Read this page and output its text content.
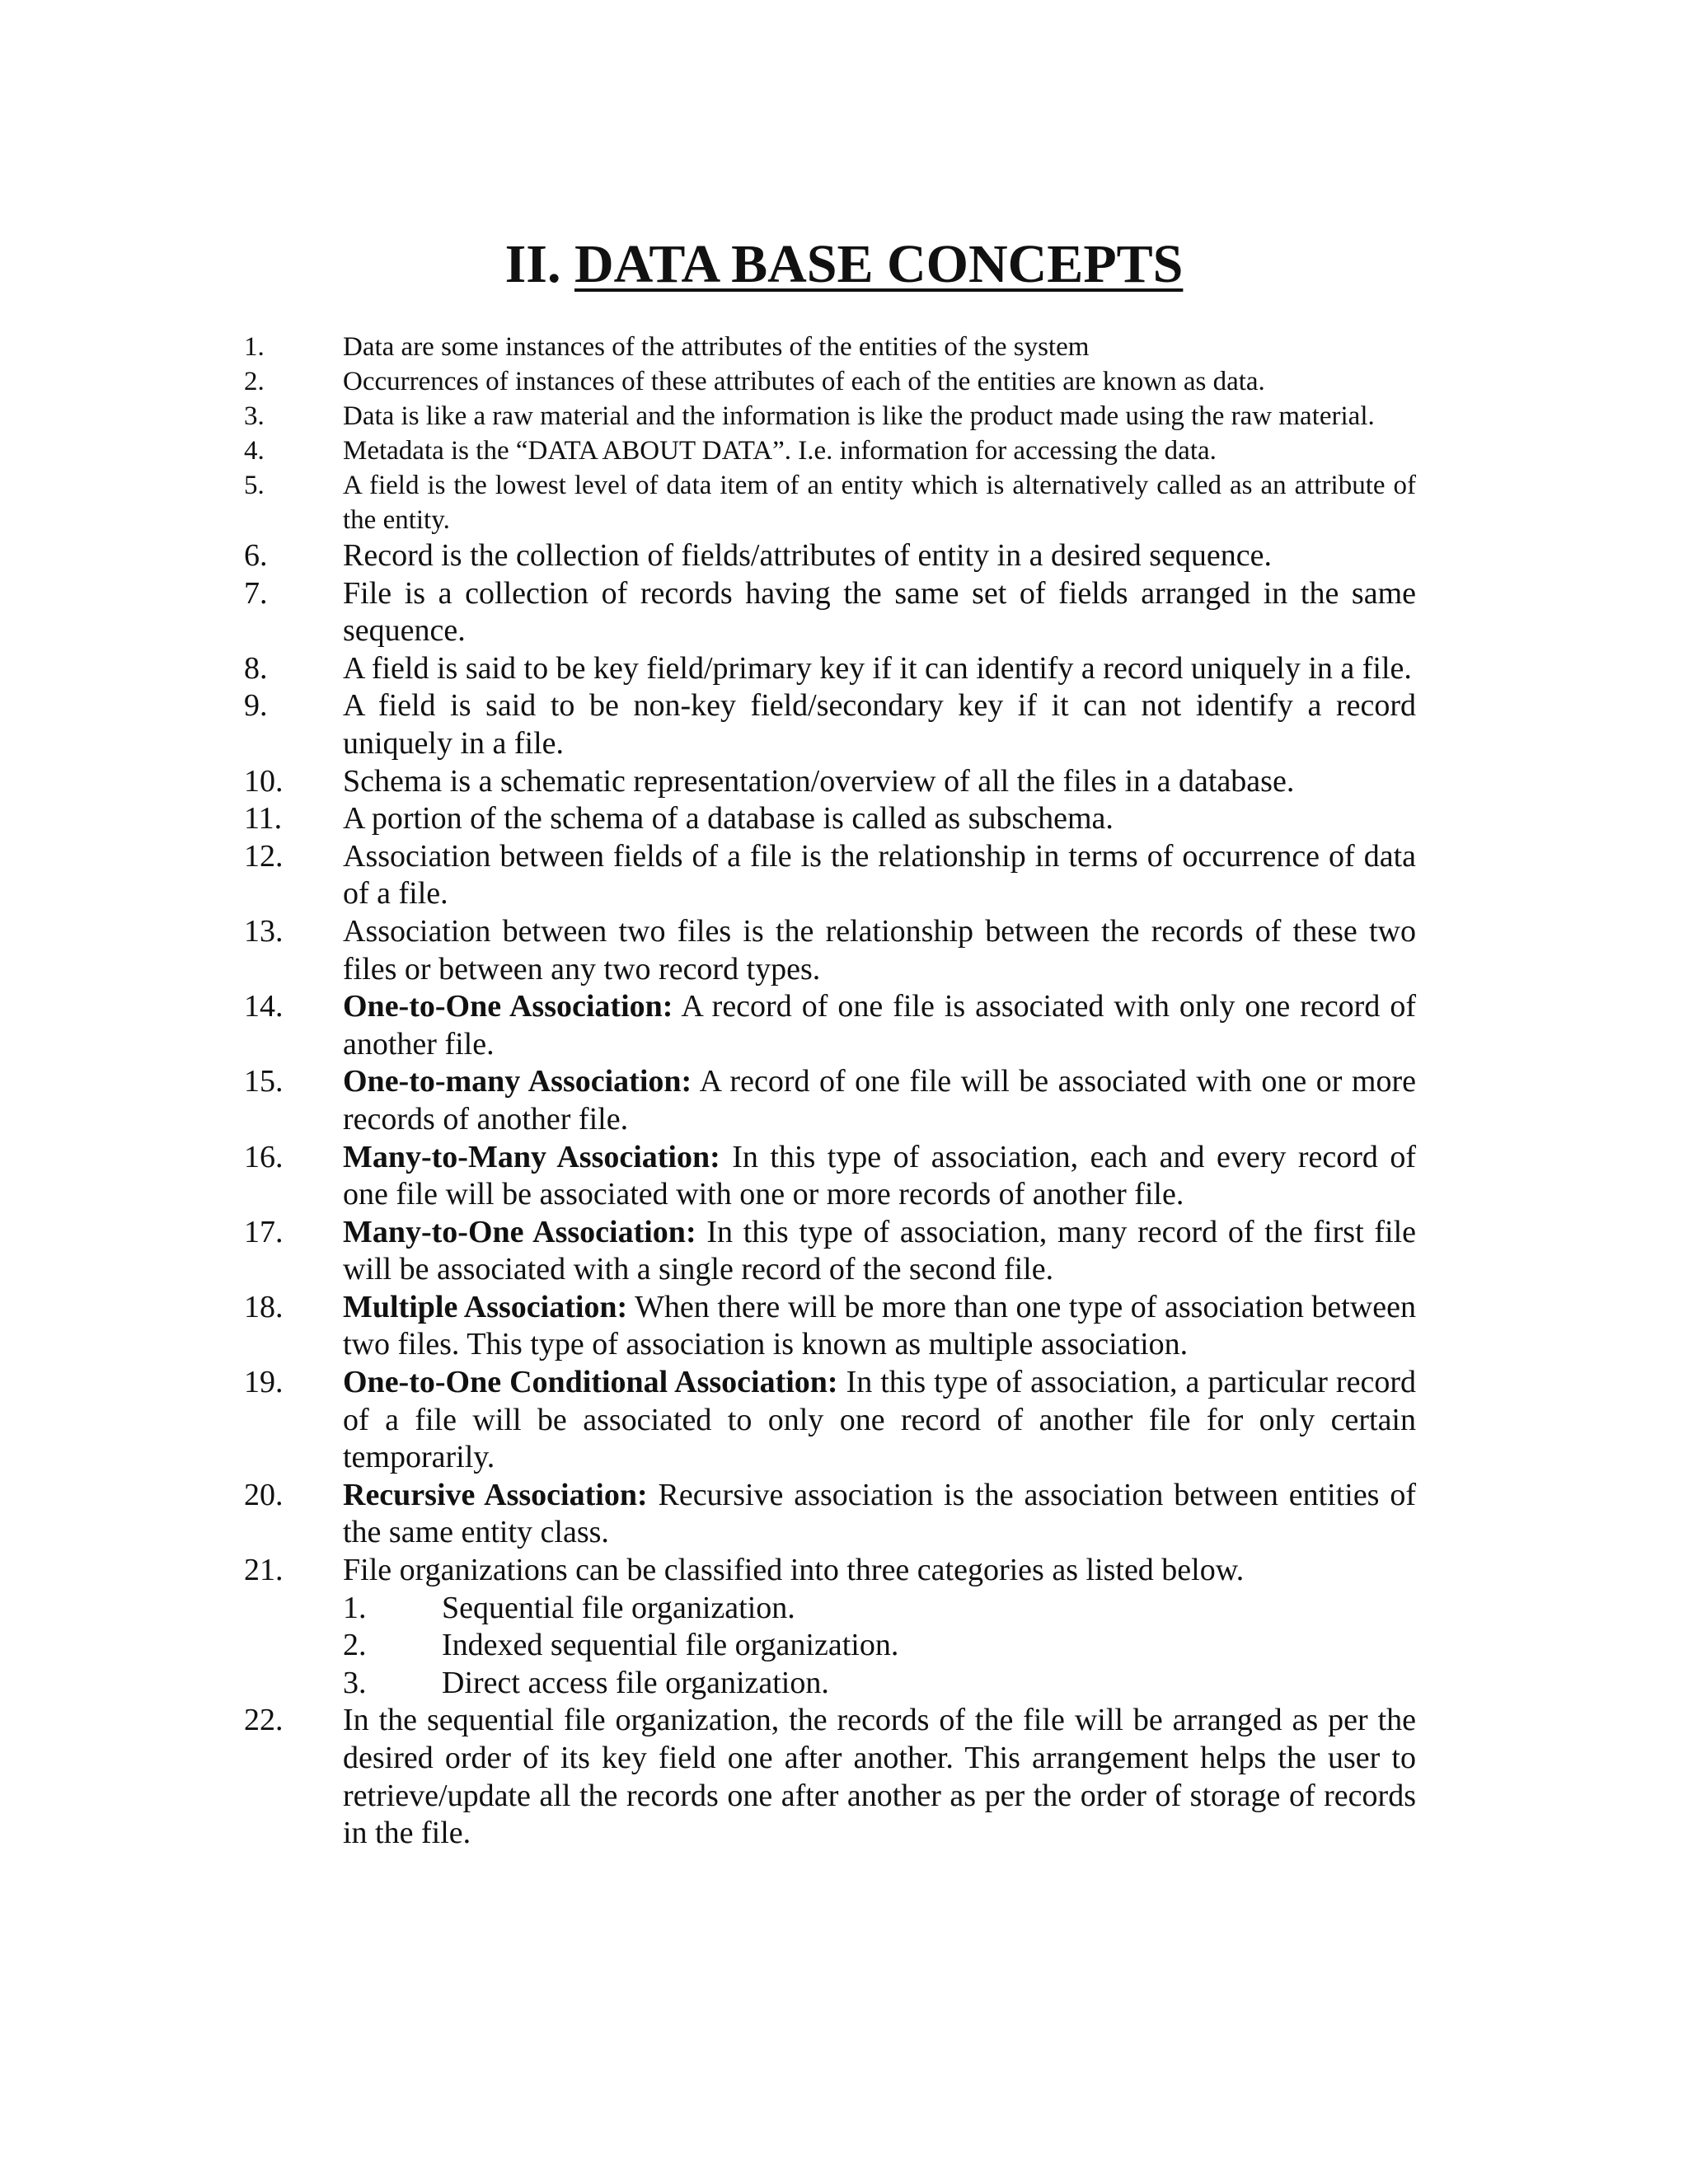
II. DATA BASE CONCEPTS
1.	Data are some instances of the attributes of the entities of the system
2.	Occurrences of instances of these attributes of each of the entities are known as data.
3.	Data is like a raw material and the information is like the product made using the raw material.
4.	Metadata is the “DATA ABOUT DATA”. I.e. information for accessing the data.
5.	A field is the lowest level of data item of an entity which is alternatively called as an attribute of the entity.
6. Record is the collection of fields/attributes of entity in a desired sequence.
7. File is a collection of records having the same set of fields arranged in the same sequence.
8. A field is said to be key field/primary key if it can identify a record uniquely in a file.
9. A field is said to be non-key field/secondary key if it can not identify a record uniquely in a file.
10. Schema is a schematic representation/overview of all the files in a database.
11. A portion of the schema of a database is called as subschema.
12. Association between fields of a file is the relationship in terms of occurrence of data of a file.
13. Association between two files is the relationship between the records of these two files or between any two record types.
14. One-to-One Association: A record of one file is associated with only one record of another file.
15. One-to-many Association: A record of one file will be associated with one or more records of another file.
16. Many-to-Many Association: In this type of association, each and every record of one file will be associated with one or more records of another file.
17. Many-to-One Association: In this type of association, many record of the first file will be associated with a single record of the second file.
18. Multiple Association: When there will be more than one type of association between two files. This type of association is known as multiple association.
19. One-to-One Conditional Association: In this type of association, a particular record of a file will be associated to only one record of another file for only certain temporarily.
20. Recursive Association: Recursive association is the association between entities of the same entity class.
21. File organizations can be classified into three categories as listed below.
1. Sequential file organization.
2. Indexed sequential file organization.
3. Direct access file organization.
22. In the sequential file organization, the records of the file will be arranged as per the desired order of its key field one after another. This arrangement helps the user to retrieve/update all the records one after another as per the order of storage of records in the file.
